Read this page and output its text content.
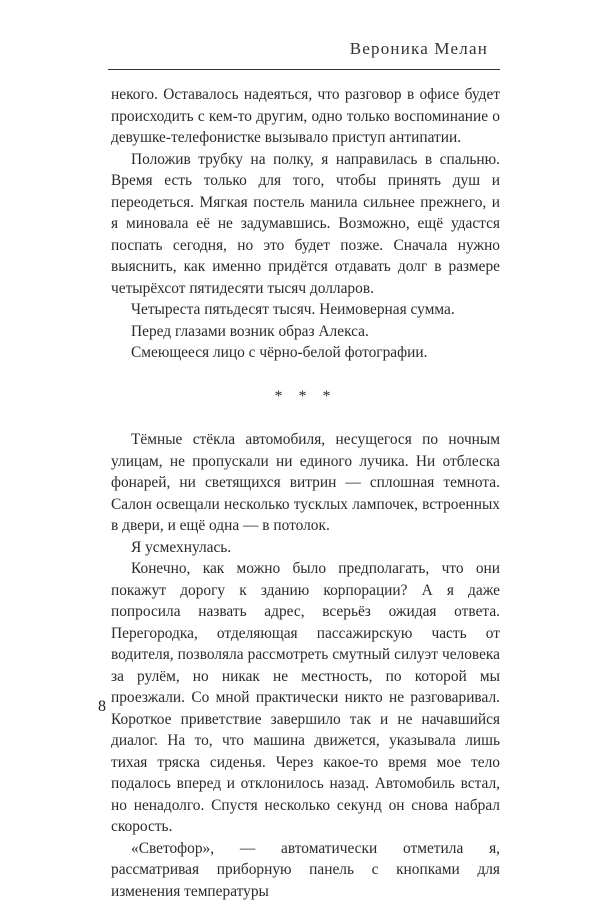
Вероника Мелан

некого. Оставалось надеяться, что разговор в офисе будет происходить с кем-то другим, одно только воспоминание о девушке-телефонистке вызывало приступ антипатии.

Положив трубку на полку, я направилась в спальню. Время есть только для того, чтобы принять душ и переодеться. Мягкая постель манила сильнее прежнего, и я миновала её не задумавшись. Возможно, ещё удастся поспать сегодня, но это будет позже. Сначала нужно выяснить, как именно придётся отдавать долг в размере четырёхсот пятидесяти тысяч долларов.

Четыреста пятьдесят тысяч. Неимоверная сумма.

Перед глазами возник образ Алекса.

Смеющееся лицо с чёрно-белой фотографии.

* * *

Тёмные стёкла автомобиля, несущегося по ночным улицам, не пропускали ни единого лучика. Ни отблеска фонарей, ни светящихся витрин — сплошная темнота. Салон освещали несколько тусклых лампочек, встроенных в двери, и ещё одна — в потолок.

Я усмехнулась.

Конечно, как можно было предполагать, что они покажут дорогу к зданию корпорации? А я даже попросила назвать адрес, всерьёз ожидая ответа. Перегородка, отделяющая пассажирскую часть от водителя, позволяла рассмотреть смутный силуэт человека за рулём, но никак не местность, по которой мы проезжали. Со мной практически никто не разговаривал. Короткое приветствие завершило так и не начавшийся диалог. На то, что машина движется, указывала лишь тихая тряска сиденья. Через какое-то время мое тело подалось вперед и отклонилось назад. Автомобиль встал, но ненадолго. Спустя несколько секунд он снова набрал скорость.

«Светофор», — автоматически отметила я, рассматривая приборную панель с кнопками для изменения температуры

8
